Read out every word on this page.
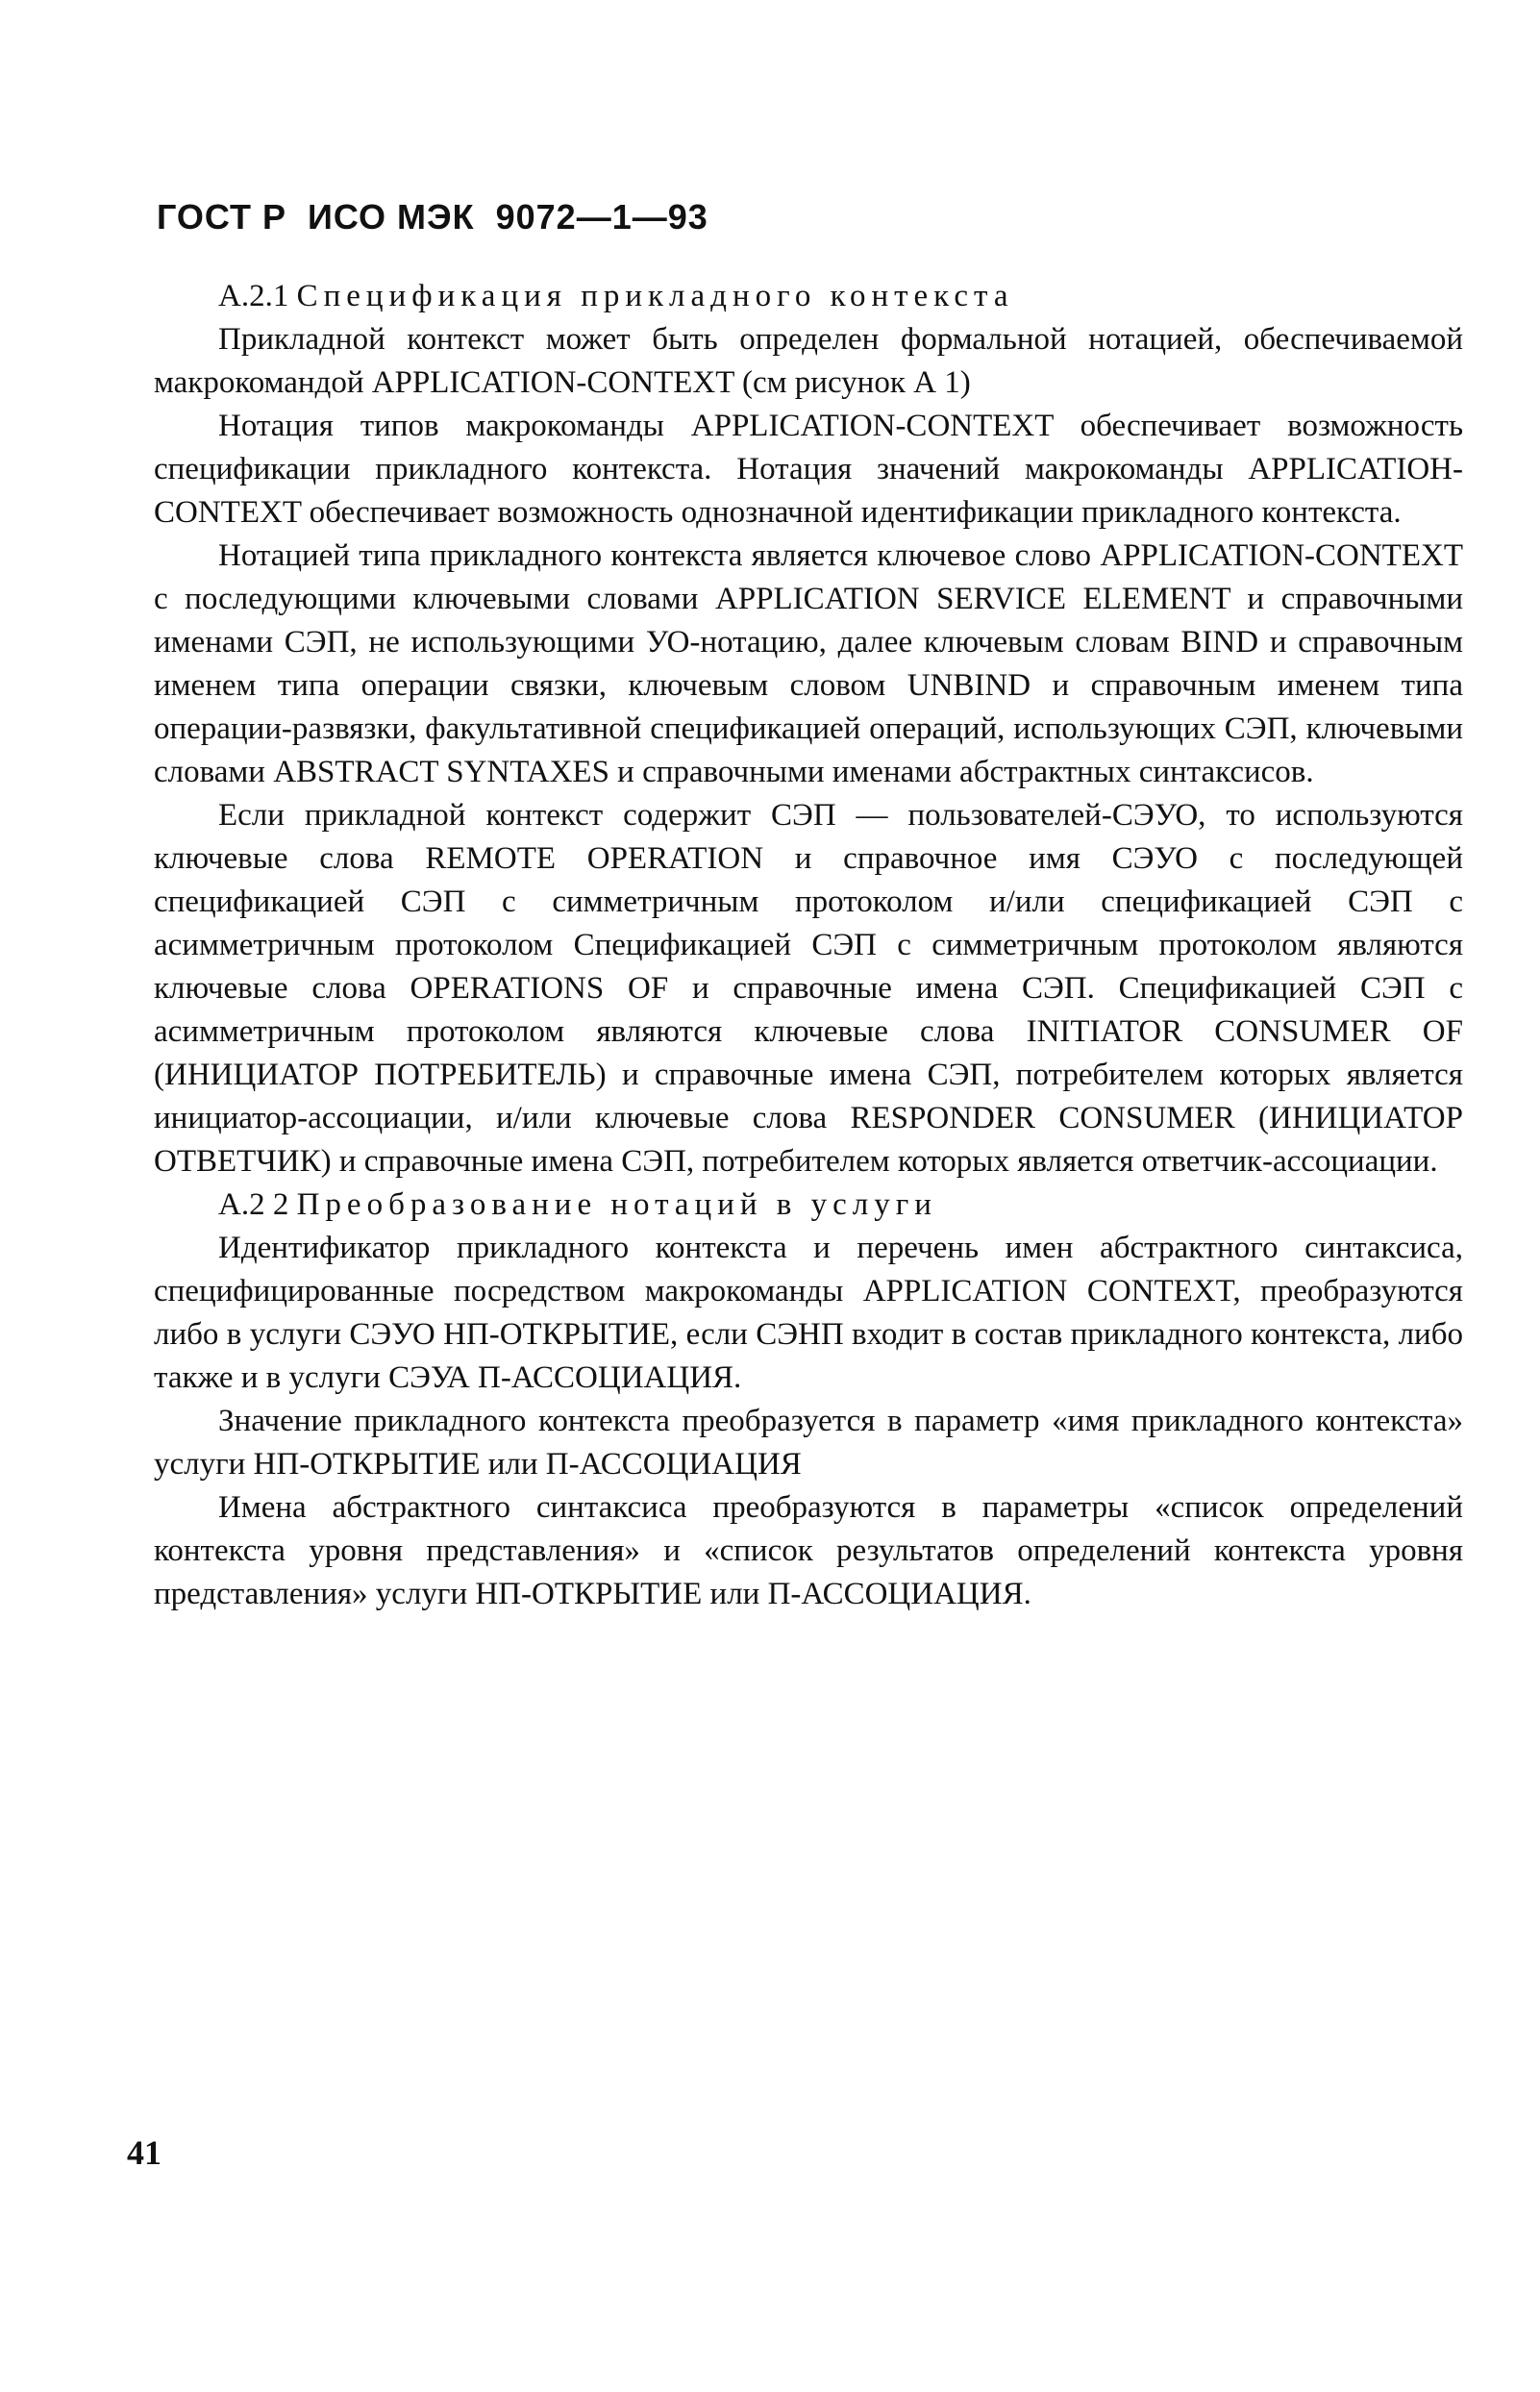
ГОСТ Р ИСО МЭК 9072—1—93

А.2.1 Спецификация прикладного контекста

Прикладной контекст может быть определен формальной нотацией, обеспечиваемой макрокомандой APPLICATION-CONTEXT (см рисунок А 1)

Нотация типов макрокоманды APPLICATION-CONTEXT обеспечивает возможность спецификации прикладного контекста. Нотация значений макрокоманды APPLICATIOH-CONTEXT обеспечивает возможность однозначной идентификации прикладного контекста.

Нотацией типа прикладного контекста является ключевое слово APPLICATION-CONTEXT с последующими ключевыми словами APPLICATION SERVICE ELEMENT и справочными именами СЭП, не использующими УО-нотацию, далее ключевым словам BIND и справочным именем типа операции связки, ключевым словом UNBIND и справочным именем типа операции-развязки, факультативной спецификацией операций, использующих СЭП, ключевыми словами ABSTRACT SYNTAXES и справочными именами абстрактных синтаксисов.

Если прикладной контекст содержит СЭП — пользователей-СЭУО, то используются ключевые слова REMOTE OPERATION и справочное имя СЭУО с последующей спецификацией СЭП с симметричным протоколом и/или спецификацией СЭП с асимметричным протоколом Спецификацией СЭП с симметричным протоколом являются ключевые слова OPERATIONS OF и справочные имена СЭП. Спецификацией СЭП с асимметричным протоколом являются ключевые слова INITIATOR CONSUMER OF (ИНИЦИАТОР ПОТРЕБИТЕЛЬ) и справочные имена СЭП, потребителем которых является инициатор-ассоциации, и/или ключевые слова RESPONDER CONSUMER (ИНИЦИАТОР ОТВЕТЧИК) и справочные имена СЭП, потребителем которых является ответчик-ассоциации.

А.2 2 Преобразование нотаций в услуги

Идентификатор прикладного контекста и перечень имен абстрактного синтаксиса, специфицированные посредством макрокоманды APPLICATION CONTEXT, преобразуются либо в услуги СЭУО НП-ОТКРЫТИЕ, если СЭНП входит в состав прикладного контекста, либо также и в услуги СЭУА П-АССОЦИАЦИЯ.

Значение прикладного контекста преобразуется в параметр «имя прикладного контекста» услуги НП-ОТКРЫТИЕ или П-АССОЦИАЦИЯ

Имена абстрактного синтаксиса преобразуются в параметры «список определений контекста уровня представления» и «список результатов определений контекста уровня представления» услуги НП-ОТКРЫТИЕ или П-АССОЦИАЦИЯ.

41
